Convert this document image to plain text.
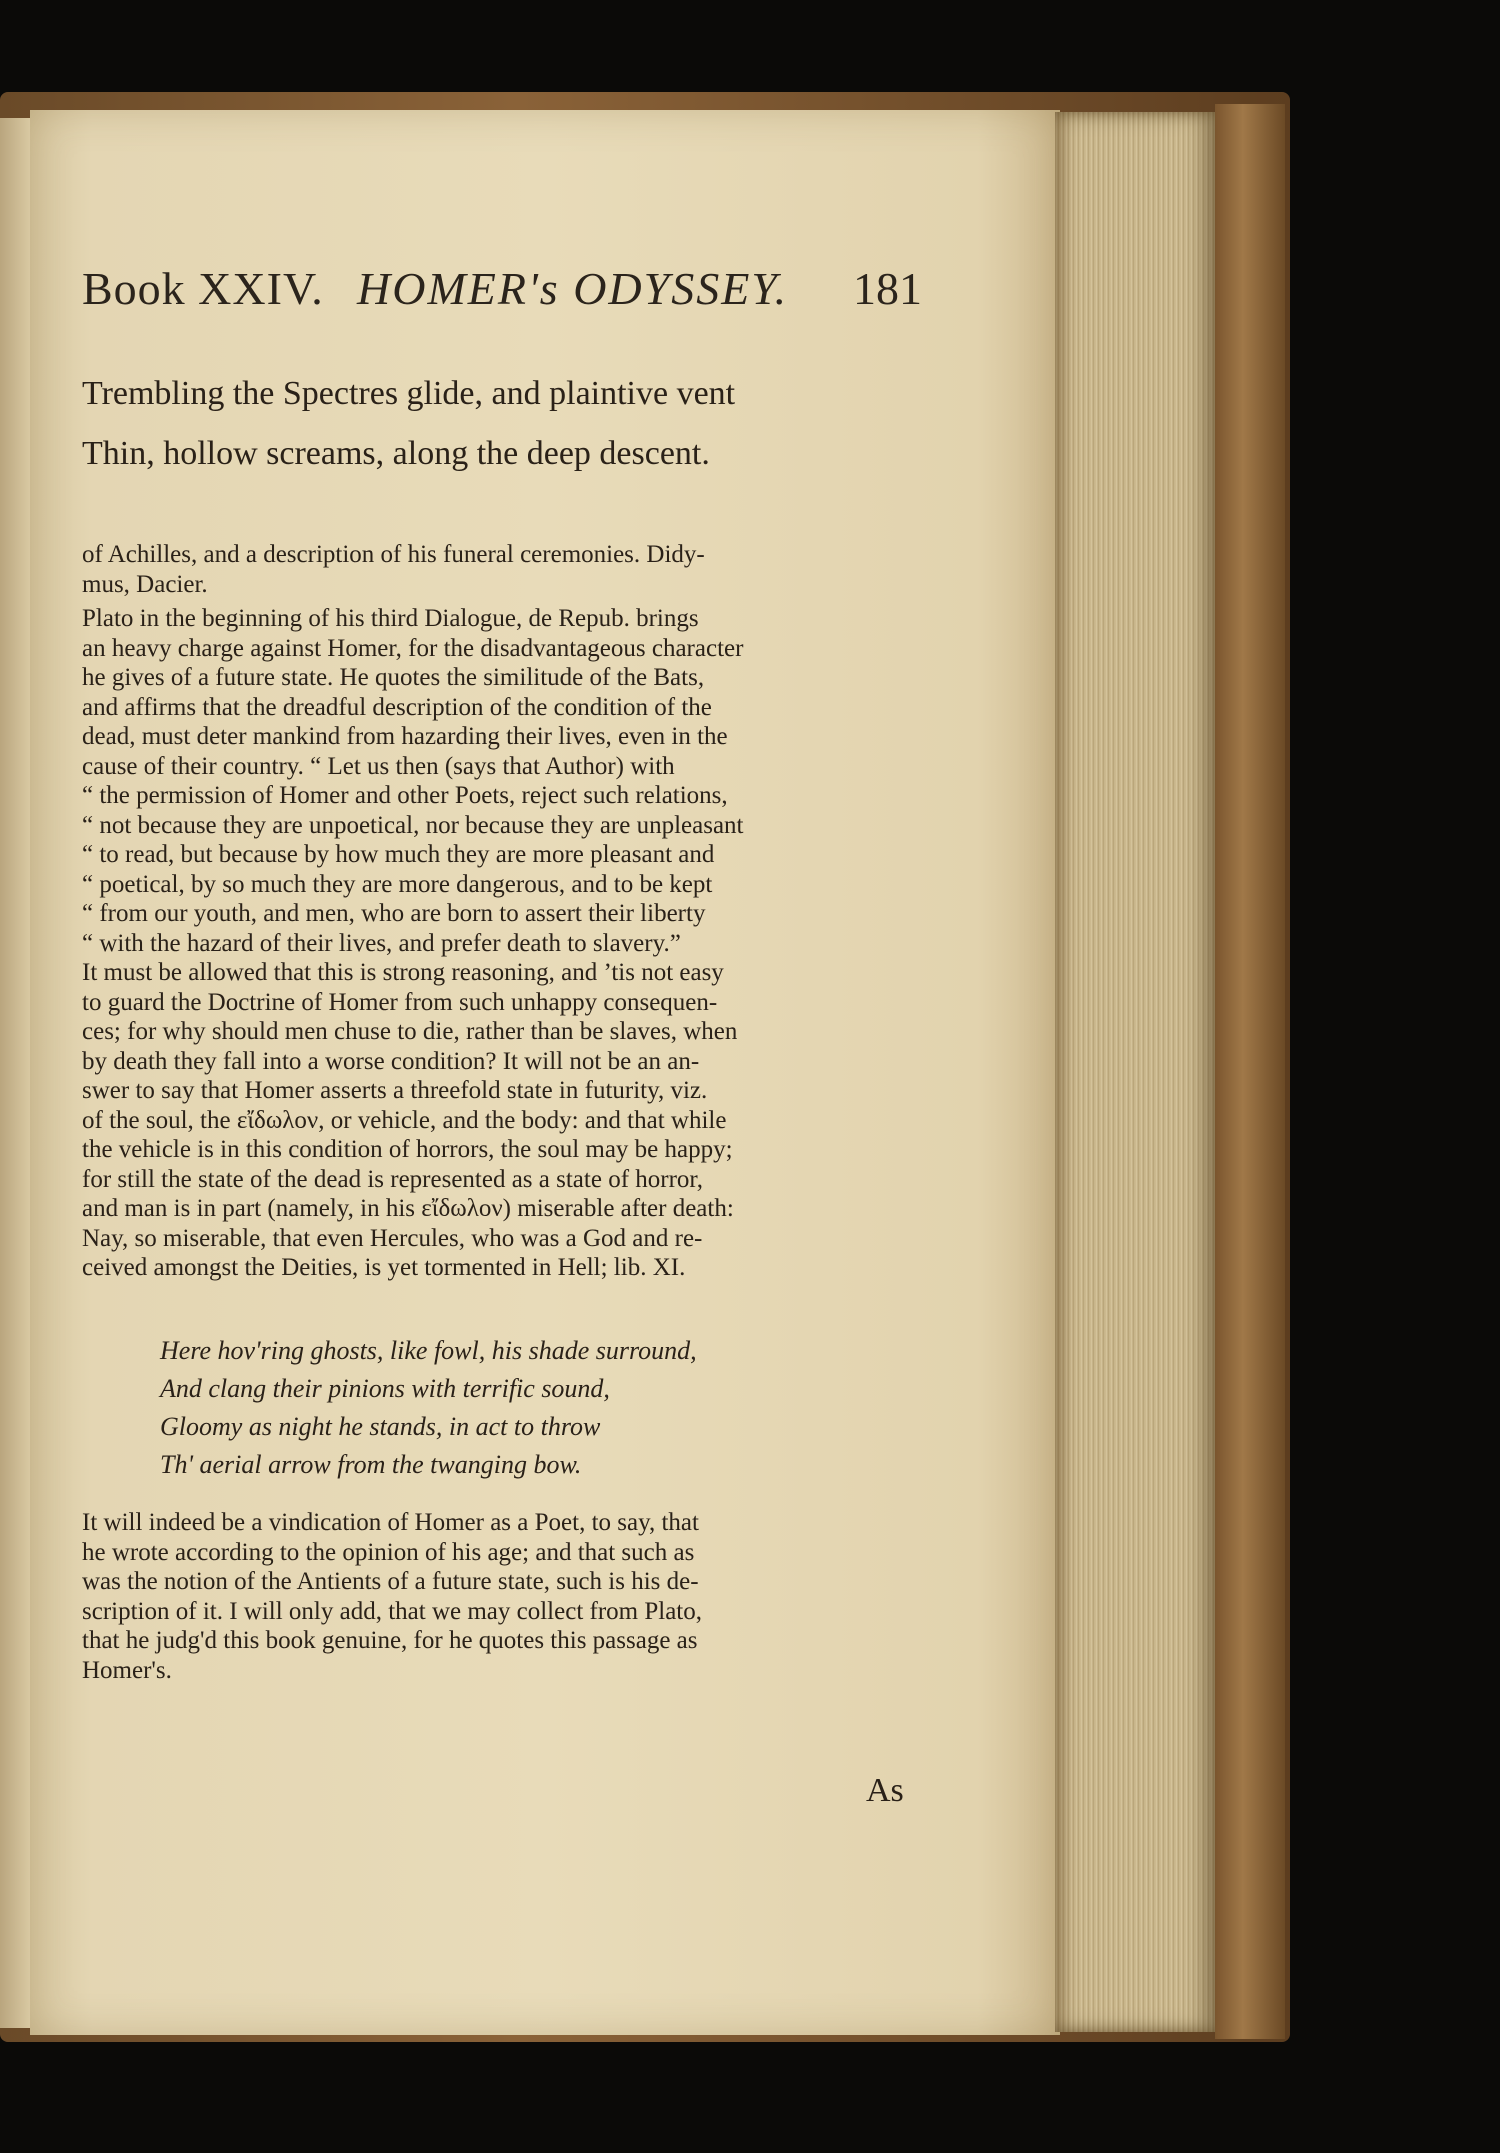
Book XXIV. HOMER's ODYSSEY. 181
Trembling the Spectres glide, and plaintive vent
Thin, hollow screams, along the deep descent.

of Achilles, and a description of his funeral ceremonies. Didy-

mus, Dacier.

Plato in the beginning of his third Dialogue, de Repub. brings

an heavy charge against Homer, for the disadvantageous character

he gives of a future state. He quotes the similitude of the Bats,

and affirms that the dreadful description of the condition of the

dead, must deter mankind from hazarding their lives, even in the

cause of their country. “ Let us then (says that Author) with

“ the permission of Homer and other Poets, reject such relations,

“ not because they are unpoetical, nor because they are unpleasant

“ to read, but because by how much they are more pleasant and

“ poetical, by so much they are more dangerous, and to be kept

“ from our youth, and men, who are born to assert their liberty

“ with the hazard of their lives, and prefer death to slavery.”

It must be allowed that this is strong reasoning, and ’tis not easy

to guard the Doctrine of Homer from such unhappy consequen-

ces; for why should men chuse to die, rather than be slaves, when

by death they fall into a worse condition? It will not be an an-

swer to say that Homer asserts a threefold state in futurity, viz.

of the soul, the εἴδωλον, or vehicle, and the body: and that while

the vehicle is in this condition of horrors, the soul may be happy;

for still the state of the dead is represented as a state of horror,

and man is in part (namely, in his εἴδωλον) miserable after death:

Nay, so miserable, that even Hercules, who was a God and re-

ceived amongst the Deities, is yet tormented in Hell; lib. XI.

Here hov'ring ghosts, like fowl, his shade surround,
And clang their pinions with terrific sound,
Gloomy as night he stands, in act to throw
Th' aerial arrow from the twanging bow.

It will indeed be a vindication of Homer as a Poet, to say, that

he wrote according to the opinion of his age; and that such as

was the notion of the Antients of a future state, such is his de-

scription of it. I will only add, that we may collect from Plato,

that he judg'd this book genuine, for he quotes this passage as

Homer's.

As
